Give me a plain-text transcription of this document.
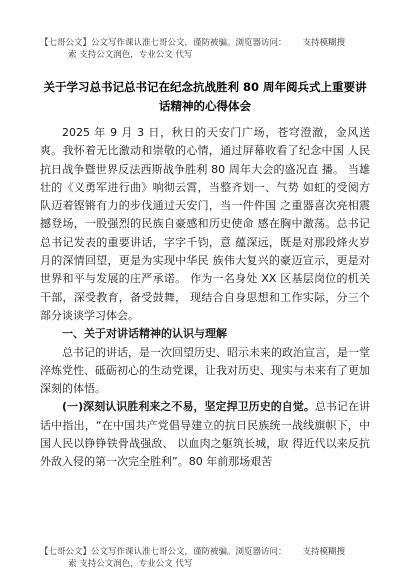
【七哥公文】公文写作课认准七哥公文，谨防被骗。浏览器访问： 支持模糊搜
索 支持公文润色，专业公文 代写
关于学习总书记总书记在纪念抗战胜利 80 周年阅兵式上重要讲话精神的心得体会

2025 年 9 月 3 日，秋日的天安门广场，苍穹澄澈，金风送 爽。我怀着无比激动和崇敬的心情，通过屏幕收看了纪念中国 人民抗日战争暨世界反法西斯战争胜利 80 周年大会的盛况直 播。 当雄壮的《义勇军进行曲》响彻云霄，当整齐划一、气势 如虹的受阅方队迈着铿锵有力的步伐通过天安门，当一件件国 之重器喜次亮相震撼登场，一股强烈的民族自豪感和历史使命 感在胸中激荡。总书记总书记发表的重要讲话，字字千钧，意 蕴深远，既是对那段烽火岁月的深情回望，更是为实现中华民 族伟大复兴的豪迈宣示，更是对世界和平与发展的庄严承诺。 作为一名身处 XX 区基层岗位的机关干部，深受教育，备受鼓舞， 现结合自身思想和工作实际，分三个部分谈谈学习体会。

一、关于对讲话精神的认识与理解

总书记的讲话，是一次回望历史、昭示未来的政治宣言，是一堂淬炼党性、砥砺初心的生动党课，让我对历史、现实与未来有了更加深刻的体悟。

(一)深刻认识胜利来之不易，坚定捍卫历史的自觉。总书记在讲话中指出，“在中国共产党倡导建立的抗日民族统一战线旗帜下，中国人民以铮铮铁骨战强敌、 以血肉之躯筑长城，取 得近代以来反抗外敌入侵的第一次完全胜利”。80 年前那场艰苦

【七哥公文】公文写作课认准七哥公文，谨防被骗。浏览器访问： 支持模糊搜
索 支持公文润色，专业公文 代写
